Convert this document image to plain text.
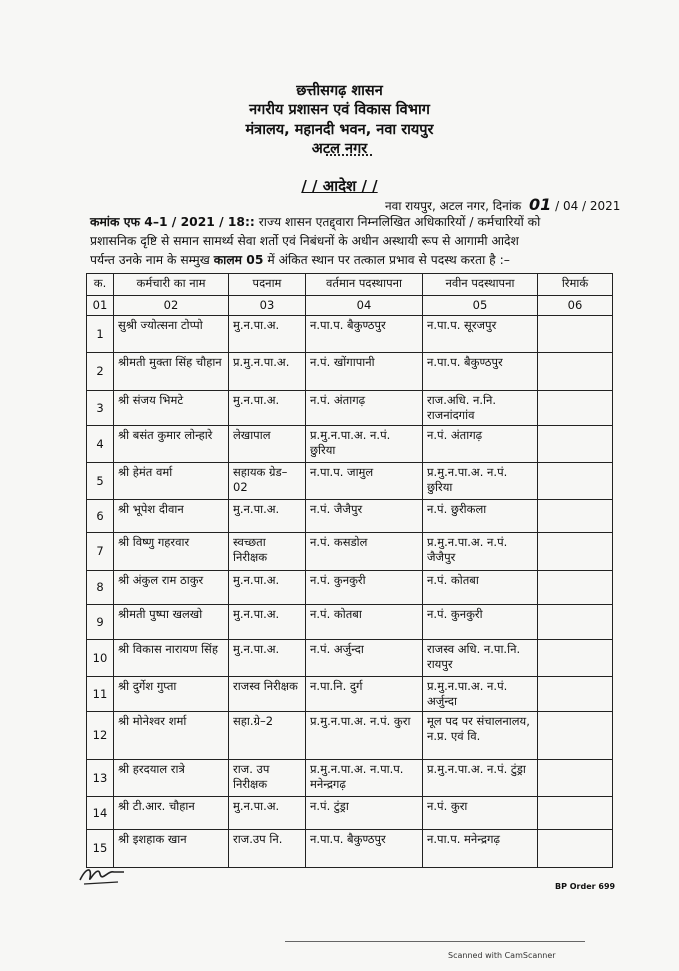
छत्तीसगढ़ शासन
नगरीय प्रशासन एवं विकास विभाग
मंत्रालय, महानदी भवन, नवा रायपुर
अटल नगर
/ / आदेश / /
नवा रायपुर, अटल नगर, दिनांक 01 / 04 / 2021
कमांक एफ 4–1 / 2021 / 18:: राज्य शासन एतद्द्वारा निम्नलिखित अधिकारियों / कर्मचारियों को
प्रशासनिक दृष्टि से समान सामर्थ्य सेवा शर्तो एवं निबंधनों के अधीन अस्थायी रूप से आगामी आदेश
पर्यन्त उनके नाम के सम्मुख कालम 05 में अंकित स्थान पर तत्काल प्रभाव से पदस्थ करता है :–
क.	कर्मचारी का नाम	पदनाम	वर्तमान पदस्थापना	नवीन पदस्थापना	रिमार्क
01	02	03	04	05	06
1	सुश्री ज्योत्सना टोप्पो	मु.न.पा.अ.	न.पा.प. बैकुण्ठपुर	न.पा.प. सूरजपुर	
2	श्रीमती मुक्ता सिंह चौहान	प्र.मु.न.पा.अ.	न.पं. खोंगापानी	न.पा.प. बैकुण्ठपुर	
3	श्री संजय भिमटे	मु.न.पा.अ.	न.पं. अंतागढ़	राज.अधि. न.नि. राजनांदगांव	
4	श्री बसंत कुमार लोन्हारे	लेखापाल	प्र.मु.न.पा.अ. न.पं. छुरिया	न.पं. अंतागढ़	
5	श्री हेमंत वर्मा	सहायक ग्रेड–02	न.पा.प. जामुल	प्र.मु.न.पा.अ. न.पं. छुरिया	
6	श्री भूपेश दीवान	मु.न.पा.अ.	न.पं. जैजैपुर	न.पं. छुरीकला	
7	श्री विष्णु गहरवार	स्वच्छता निरीक्षक	न.पं. कसडोल	प्र.मु.न.पा.अ. न.पं. जैजैपुर	
8	श्री अंकुल राम ठाकुर	मु.न.पा.अ.	न.पं. कुनकुरी	न.पं. कोतबा	
9	श्रीमती पुष्पा खलखो	मु.न.पा.अ.	न.पं. कोतबा	न.पं. कुनकुरी	
10	श्री विकास नारायण सिंह	मु.न.पा.अ.	न.पं. अर्जुन्दा	राजस्व अधि. न.पा.नि. रायपुर	
11	श्री दुर्गेश गुप्ता	राजस्व निरीक्षक	न.पा.नि. दुर्ग	प्र.मु.न.पा.अ. न.पं. अर्जुन्दा	
12	श्री मोनेश्वर शर्मा	सहा.ग्रे–2	प्र.मु.न.पा.अ. न.पं. कुरा	मूल पद पर संचालनालय, न.प्र. एवं वि.	
13	श्री हरदयाल रात्रे	राज. उप निरीक्षक	प्र.मु.न.पा.अ. न.पा.प. मनेन्द्रगढ़	प्र.मु.न.पा.अ. न.पं. टुंड्रा	
14	श्री टी.आर. चौहान	मु.न.पा.अ.	न.पं. टुंड्रा	न.पं. कुरा	
15	श्री इशहाक खान	राज.उप नि.	न.पा.प. बैकुण्ठपुर	न.पा.प. मनेन्द्रगढ़	
BP Order 699
Scanned with CamScanner
